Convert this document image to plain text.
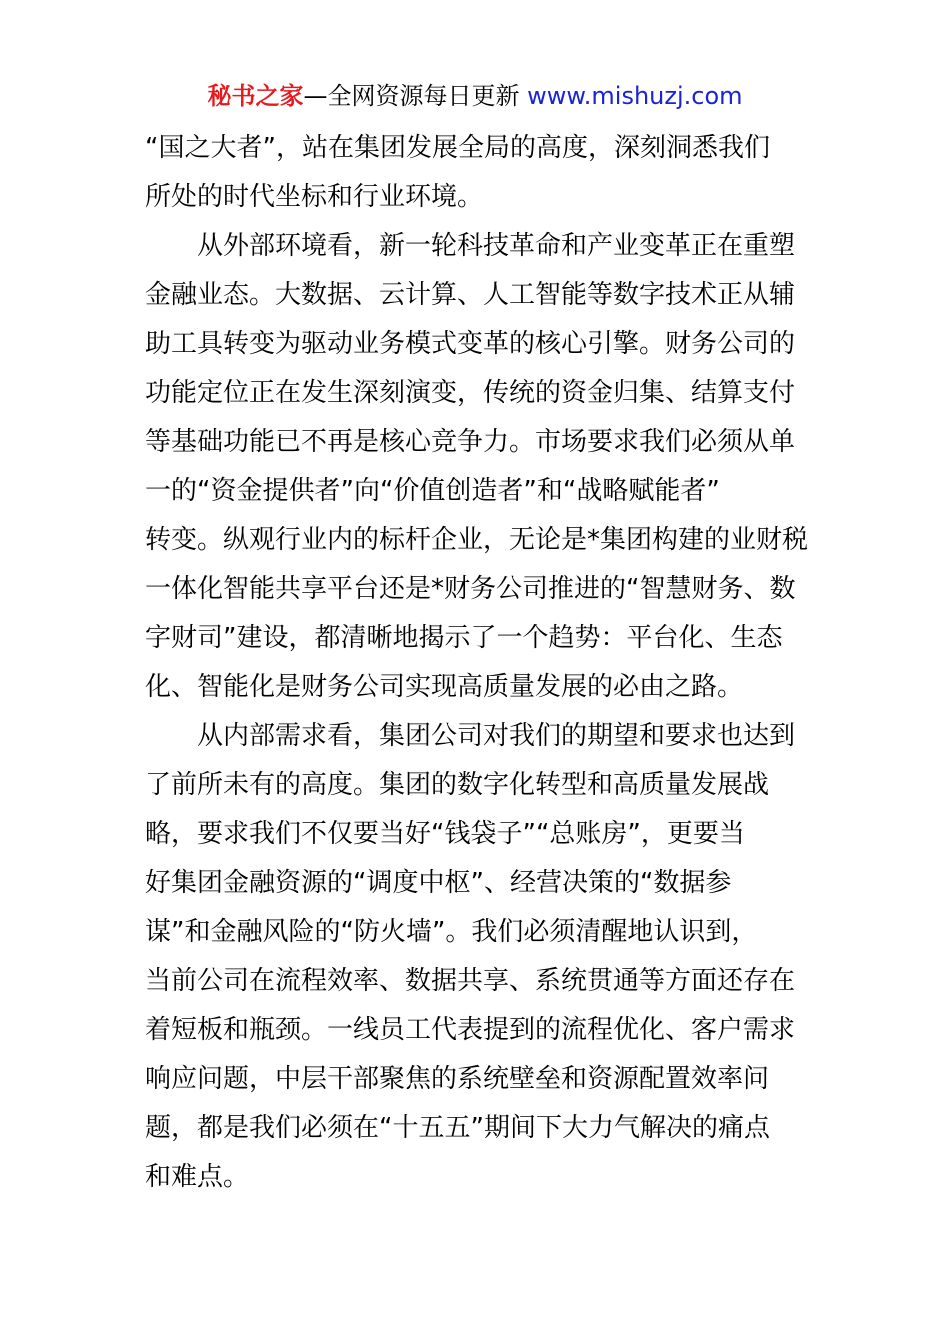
秘书之家—全网资源每日更新 www.mishuzj.com
“国之大者”，站在集团发展全局的高度，深刻洞悉我们
所处的时代坐标和行业环境。
　　从外部环境看，新一轮科技革命和产业变革正在重塑
金融业态。大数据、云计算、人工智能等数字技术正从辅
助工具转变为驱动业务模式变革的核心引擎。财务公司的
功能定位正在发生深刻演变，传统的资金归集、结算支付
等基础功能已不再是核心竞争力。市场要求我们必须从单
一的“资金提供者”向“价值创造者”和“战略赋能者”
转变。纵观行业内的标杆企业，无论是*集团构建的业财税
一体化智能共享平台还是*财务公司推进的“智慧财务、数
字财司”建设，都清晰地揭示了一个趋势：平台化、生态
化、智能化是财务公司实现高质量发展的必由之路。
　　从内部需求看，集团公司对我们的期望和要求也达到
了前所未有的高度。集团的数字化转型和高质量发展战
略，要求我们不仅要当好“钱袋子”“总账房”，更要当
好集团金融资源的“调度中枢”、经营决策的“数据参
谋”和金融风险的“防火墙”。我们必须清醒地认识到，
当前公司在流程效率、数据共享、系统贯通等方面还存在
着短板和瓶颈。一线员工代表提到的流程优化、客户需求
响应问题，中层干部聚焦的系统壁垒和资源配置效率问
题，都是我们必须在“十五五”期间下大力气解决的痛点
和难点。
